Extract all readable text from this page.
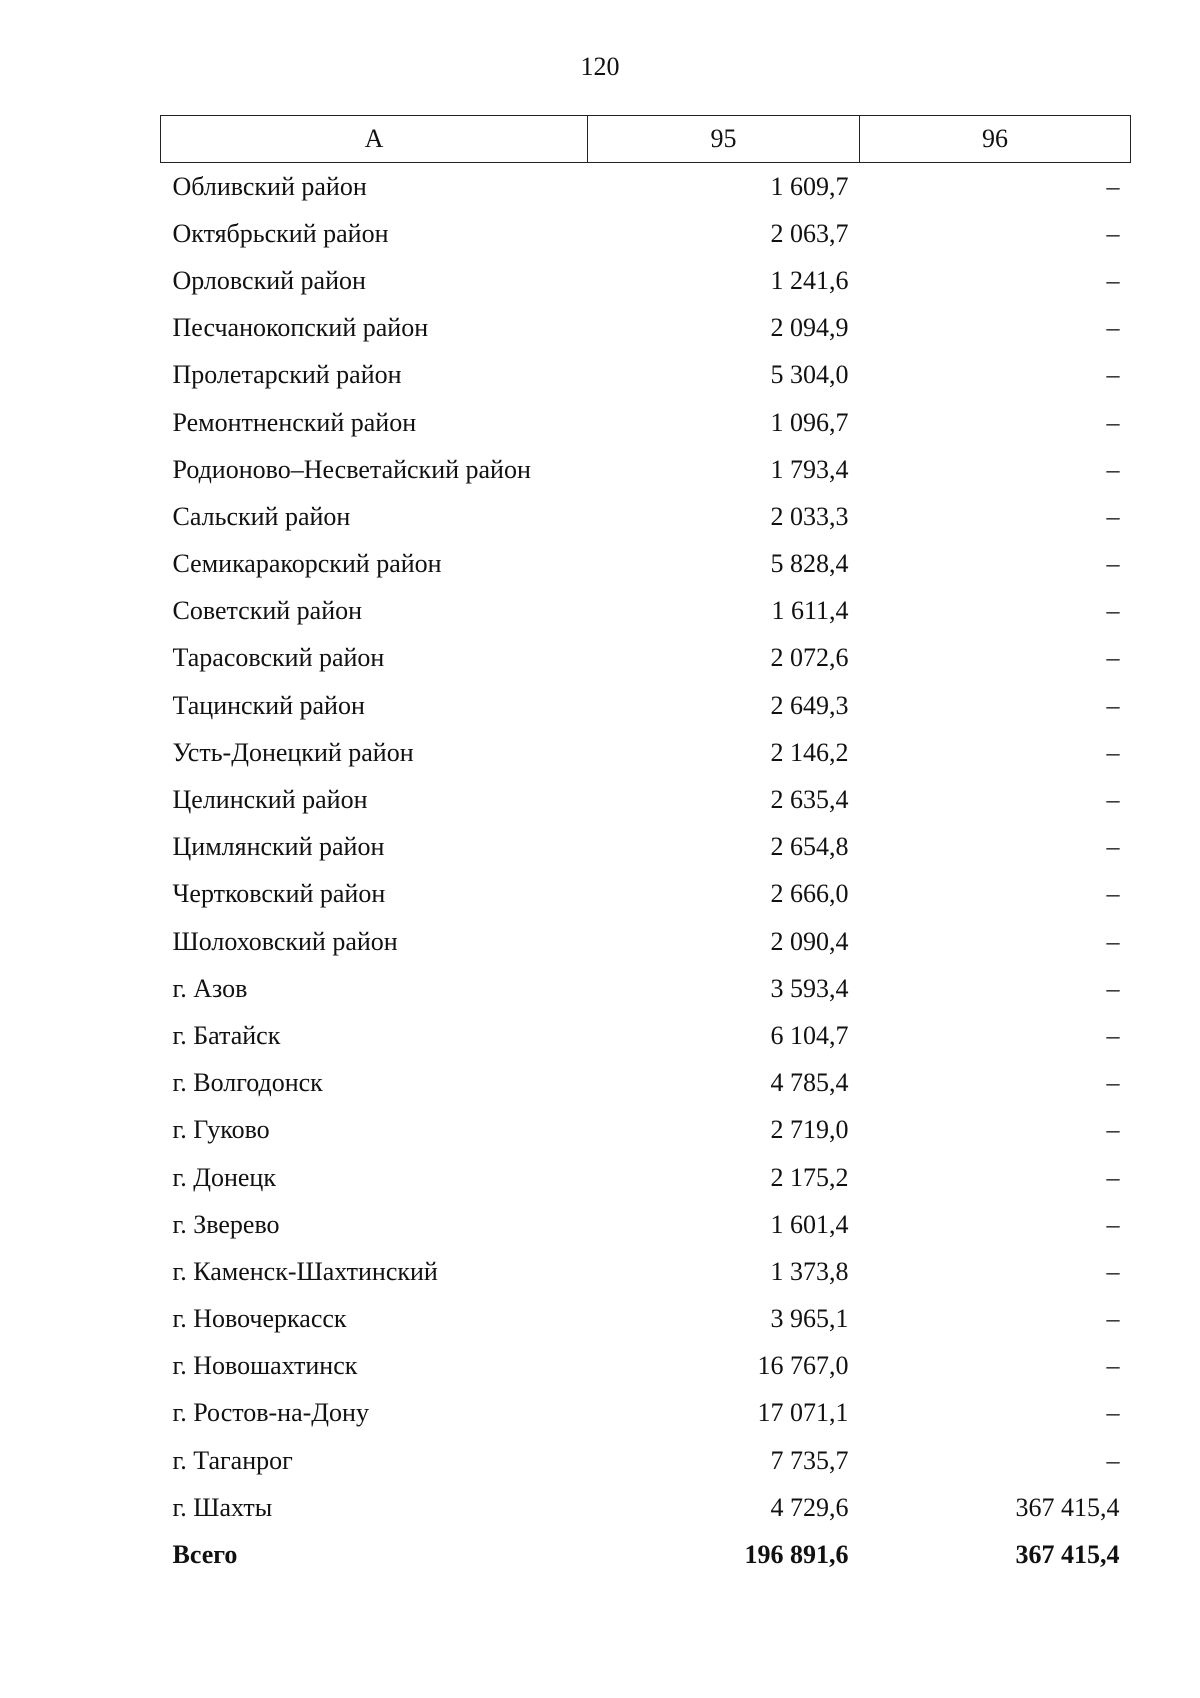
120
А	95	96
Обливский район	1 609,7	–
Октябрьский район	2 063,7	–
Орловский район	1 241,6	–
Песчанокопский район	2 094,9	–
Пролетарский район	5 304,0	–
Ремонтненский район	1 096,7	–
Родионово–Несветайский район	1 793,4	–
Сальский район	2 033,3	–
Семикаракорский район	5 828,4	–
Советский район	1 611,4	–
Тарасовский район	2 072,6	–
Тацинский район	2 649,3	–
Усть-Донецкий район	2 146,2	–
Целинский район	2 635,4	–
Цимлянский район	2 654,8	–
Чертковский район	2 666,0	–
Шолоховский район	2 090,4	–
г. Азов	3 593,4	–
г. Батайск	6 104,7	–
г. Волгодонск	4 785,4	–
г. Гуково	2 719,0	–
г. Донецк	2 175,2	–
г. Зверево	1 601,4	–
г. Каменск-Шахтинский	1 373,8	–
г. Новочеркасск	3 965,1	–
г. Новошахтинск	16 767,0	–
г. Ростов-на-Дону	17 071,1	–
г. Таганрог	7 735,7	–
г. Шахты	4 729,6	367 415,4
Всего	196 891,6	367 415,4
